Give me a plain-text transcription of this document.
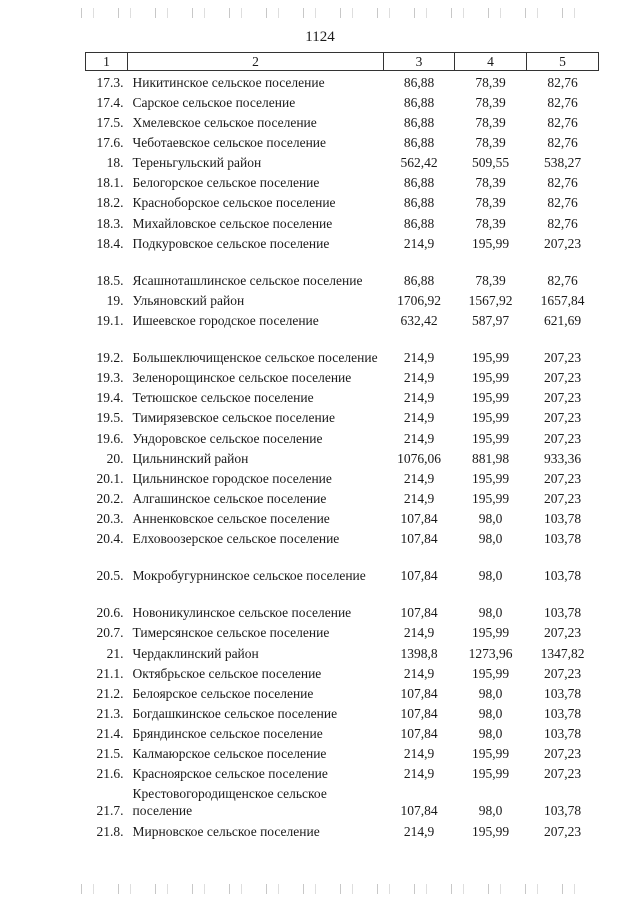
1124
1	2	3	4	5
17.3.	Никитинское сельское поселение	86,88	78,39	82,76
17.4.	Сарское сельское поселение	86,88	78,39	82,76
17.5.	Хмелевское сельское поселение	86,88	78,39	82,76
17.6.	Чеботаевское сельское поселение	86,88	78,39	82,76
18.	Тереньгульский район	562,42	509,55	538,27
18.1.	Белогорское сельское поселение	86,88	78,39	82,76
18.2.	Красноборское сельское поселение	86,88	78,39	82,76
18.3.	Михайловское сельское поселение	86,88	78,39	82,76
18.4.	Подкуровское сельское поселение	214,9	195,99	207,23
18.5.	Ясашноташлинское сельское поселение	86,88	78,39	82,76
19.	Ульяновский район	1706,92	1567,92	1657,84
19.1.	Ишеевское городское поселение	632,42	587,97	621,69
19.2.	Большеключищенское сельское поселение	214,9	195,99	207,23
19.3.	Зеленорощинское сельское поселение	214,9	195,99	207,23
19.4.	Тетюшское сельское поселение	214,9	195,99	207,23
19.5.	Тимирязевское сельское поселение	214,9	195,99	207,23
19.6.	Ундоровское сельское поселение	214,9	195,99	207,23
20.	Цильнинский район	1076,06	881,98	933,36
20.1.	Цильнинское городское поселение	214,9	195,99	207,23
20.2.	Алгашинское сельское поселение	214,9	195,99	207,23
20.3.	Анненковское сельское поселение	107,84	98,0	103,78
20.4.	Елховоозерское сельское поселение	107,84	98,0	103,78
20.5.	Мокробугурнинское сельское поселение	107,84	98,0	103,78
20.6.	Новоникулинское сельское поселение	107,84	98,0	103,78
20.7.	Тимерсянское сельское поселение	214,9	195,99	207,23
21.	Чердаклинский район	1398,8	1273,96	1347,82
21.1.	Октябрьское сельское поселение	214,9	195,99	207,23
21.2.	Белоярское сельское поселение	107,84	98,0	103,78
21.3.	Богдашкинское сельское поселение	107,84	98,0	103,78
21.4.	Бряндинское сельское поселение	107,84	98,0	103,78
21.5.	Калмаюрское сельское поселение	214,9	195,99	207,23
21.6.	Красноярское сельское поселение	214,9	195,99	207,23
21.7.	Крестовогородищенское сельское поселение	107,84	98,0	103,78
21.8.	Мирновское сельское поселение	214,9	195,99	207,23
